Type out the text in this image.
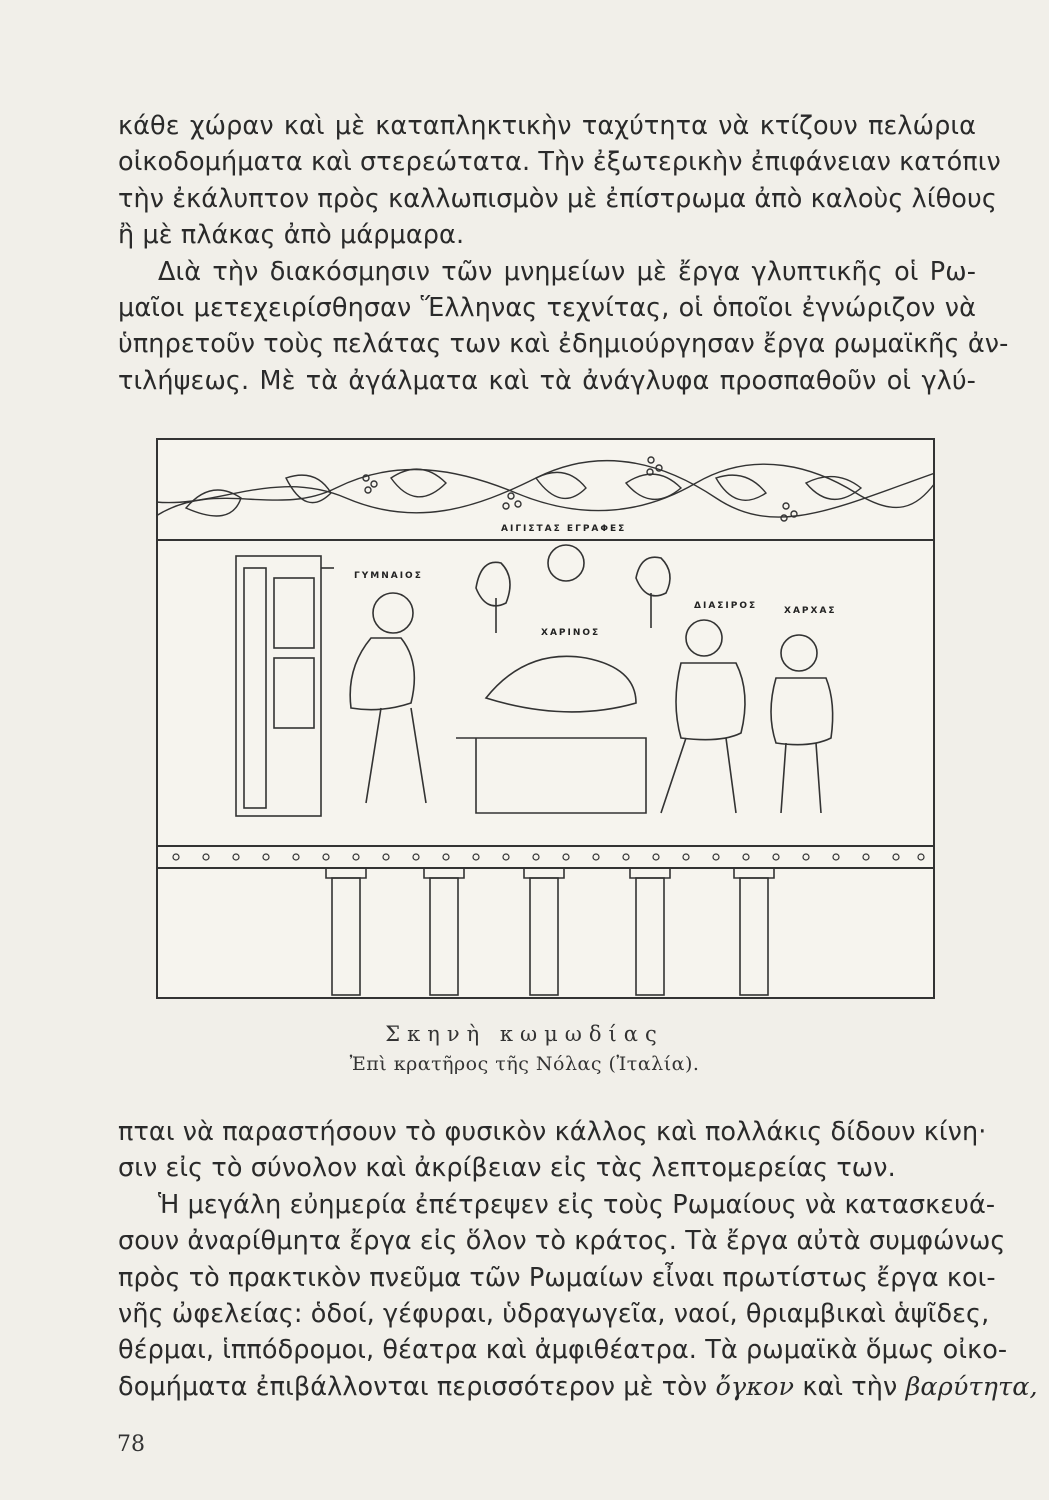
κάθε χώραν καὶ μὲ καταπληκτικὴν ταχύτητα νὰ κτίζουν πελώρια
οἰκοδομήματα καὶ στερεώτατα. Τὴν ἐξωτερικὴν ἐπιφάνειαν κατόπιν
τὴν ἐκάλυπτον πρὸς καλλωπισμὸν μὲ ἐπίστρωμα ἀπὸ καλοὺς λίθους
ἢ μὲ πλάκας ἀπὸ μάρμαρα.
Διὰ τὴν διακόσμησιν τῶν μνημείων μὲ ἔργα γλυπτικῆς οἱ Ρω-
μαῖοι μετεχειρίσθησαν Ἕλληνας τεχνίτας, οἱ ὁποῖοι ἐγνώριζον νὰ
ὑπηρετοῦν τοὺς πελάτας των καὶ ἐδημιούργησαν ἔργα ρωμαϊκῆς ἀν-
τιλήψεως. Μὲ τὰ ἀγάλματα καὶ τὰ ἀνάγλυφα προσπαθοῦν οἱ γλύ-
ΑΙΓΙΣΤΑΣ ΕΓΡΑΦΕΣ
ΓΥΜΝΑΙΟΣ
ΧΑΡΙΝΟΣ
ΔΙΑΣΙΡΟΣ	ΧΑΡΧΑΣ
Σκηνὴ κωμωδίας
Ἐπὶ κρατῆρος τῆς Νόλας (Ἰταλία).
πται νὰ παραστήσουν τὸ φυσικὸν κάλλος καὶ πολλάκις δίδουν κίνη·
σιν εἰς τὸ σύνολον καὶ ἀκρίβειαν εἰς τὰς λεπτομερείας των.
Ἡ μεγάλη εὐημερία ἐπέτρεψεν εἰς τοὺς Ρωμαίους νὰ κατασκευά-
σουν ἀναρίθμητα ἔργα εἰς ὅλον τὸ κράτος. Τὰ ἔργα αὐτὰ συμφώνως
πρὸς τὸ πρακτικὸν πνεῦμα τῶν Ρωμαίων εἶναι πρωτίστως ἔργα κοι-
νῆς ὠφελείας: ὁδοί, γέφυραι, ὑδραγωγεῖα, ναοί, θριαμβικαὶ ἁψῖδες,
θέρμαι, ἱππόδρομοι, θέατρα καὶ ἀμφιθέατρα. Τὰ ρωμαϊκὰ ὅμως οἰκο-
δομήματα ἐπιβάλλονται περισσότερον μὲ τὸν ὄγκον καὶ τὴν βαρύτητα,
78
